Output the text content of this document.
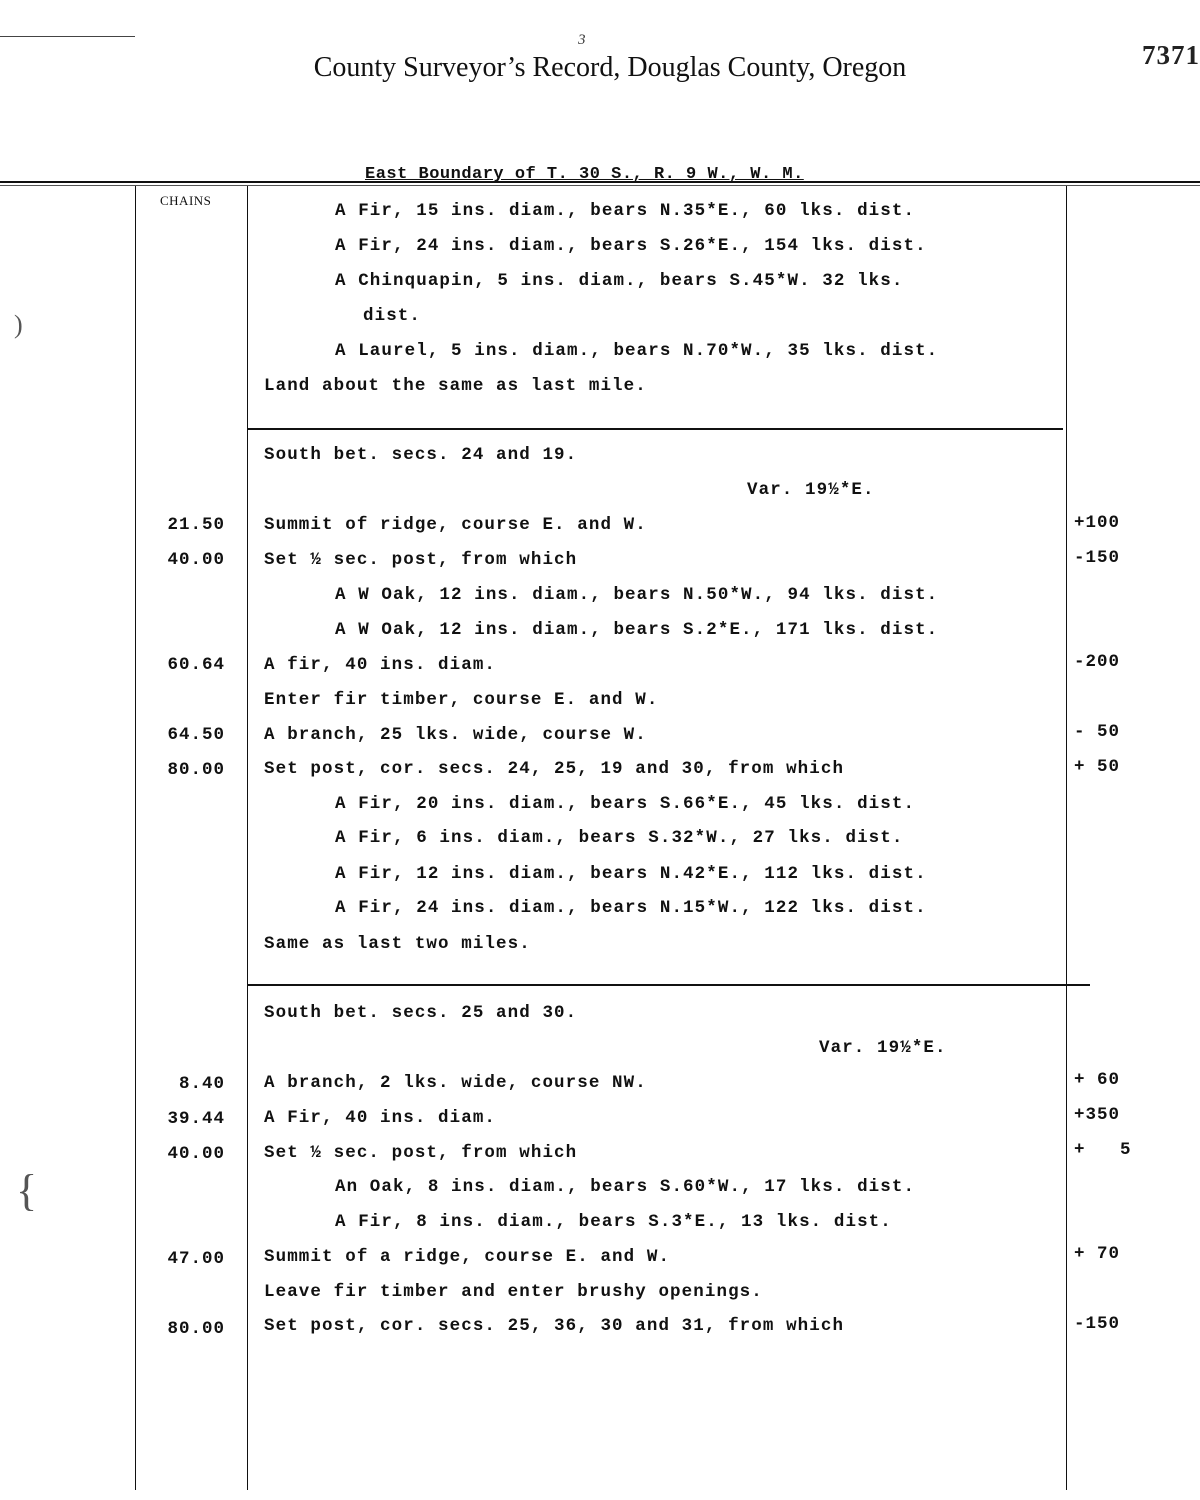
3
County Surveyor’s Record, Douglas County, Oregon	7371
)
{
East Boundary of T. 30 S., R. 9 W., W. M.
CHAINS
A Fir, 15 ins. diam., bears N.35*E., 60 lks. dist.
A Fir, 24 ins. diam., bears S.26*E., 154 lks. dist.
A Chinquapin, 5 ins. diam., bears S.45*W. 32 lks.
dist.
A Laurel, 5 ins. diam., bears N.70*W., 35 lks. dist.
Land about the same as last mile.
South bet. secs. 24 and 19.
Var. 19½*E.
21.50 Summit of ridge, course E. and W.	+100
40.00 Set ½ sec. post, from which	-150
A W Oak, 12 ins. diam., bears N.50*W., 94 lks. dist.
A W Oak, 12 ins. diam., bears S.2*E., 171 lks. dist.
60.64 A fir, 40 ins. diam.	-200
Enter fir timber, course E. and W.
64.50 A branch, 25 lks. wide, course W.	- 50
80.00 Set post, cor. secs. 24, 25, 19 and 30, from which	+ 50
A Fir, 20 ins. diam., bears S.66*E., 45 lks. dist.
A Fir, 6 ins. diam., bears S.32*W., 27 lks. dist.
A Fir, 12 ins. diam., bears N.42*E., 112 lks. dist.
A Fir, 24 ins. diam., bears N.15*W., 122 lks. dist.
Same as last two miles.
South bet. secs. 25 and 30.
Var. 19½*E.
8.40 A branch, 2 lks. wide, course NW.	+ 60
39.44 A Fir, 40 ins. diam.	+350
40.00 Set ½ sec. post, from which	+   5
An Oak, 8 ins. diam., bears S.60*W., 17 lks. dist.
A Fir, 8 ins. diam., bears S.3*E., 13 lks. dist.
47.00 Summit of a ridge, course E. and W.	+ 70
Leave fir timber and enter brushy openings.
80.00 Set post, cor. secs. 25, 36, 30 and 31, from which	-150
